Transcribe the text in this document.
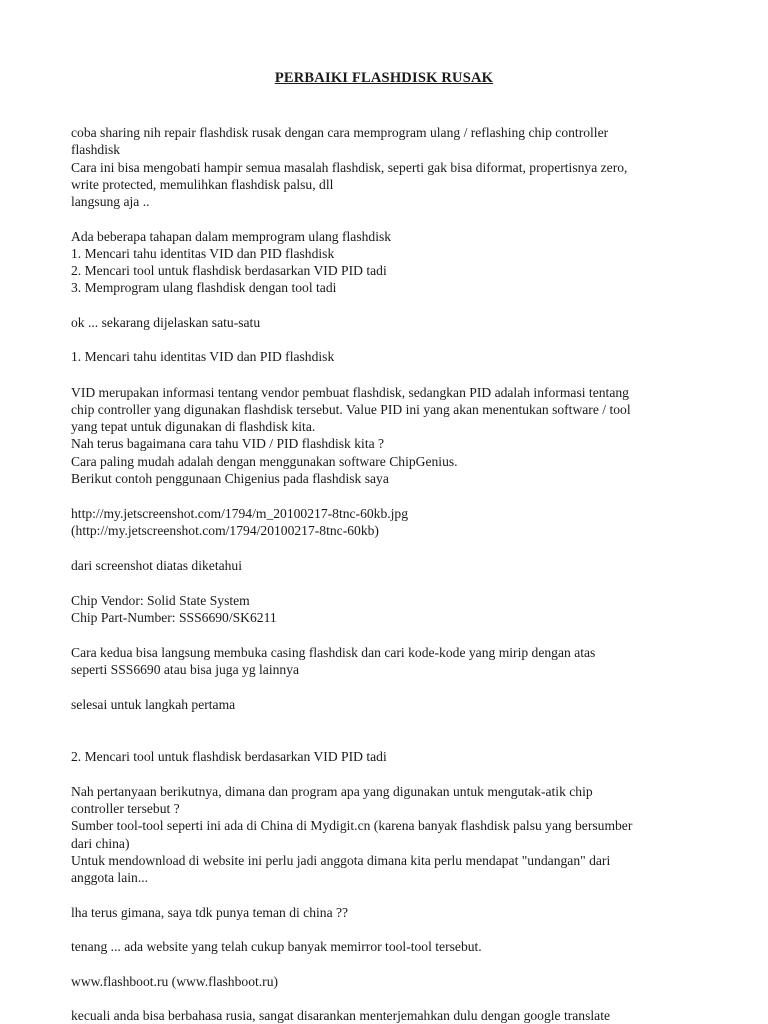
PERBAIKI FLASHDISK RUSAK
coba sharing nih repair flashdisk rusak dengan cara memprogram ulang / reflashing chip controller
flashdisk
Cara ini bisa mengobati hampir semua masalah flashdisk, seperti gak bisa diformat, propertisnya zero,
write protected, memulihkan flashdisk palsu, dll
langsung aja ..
Ada beberapa tahapan dalam memprogram ulang flashdisk
1. Mencari tahu identitas VID dan PID flashdisk
2. Mencari tool untuk flashdisk berdasarkan VID PID tadi
3. Memprogram ulang flashdisk dengan tool tadi
ok ... sekarang dijelaskan satu-satu
1. Mencari tahu identitas VID dan PID flashdisk
VID merupakan informasi tentang vendor pembuat flashdisk, sedangkan PID adalah informasi tentang
chip controller yang digunakan flashdisk tersebut. Value PID ini yang akan menentukan software / tool
yang tepat untuk digunakan di flashdisk kita.
Nah terus bagaimana cara tahu VID / PID flashdisk kita ?
Cara paling mudah adalah dengan menggunakan software ChipGenius.
Berikut contoh penggunaan Chigenius pada flashdisk saya
http://my.jetscreenshot.com/1794/m_20100217-8tnc-60kb.jpg
(http://my.jetscreenshot.com/1794/20100217-8tnc-60kb)
dari screenshot diatas diketahui
Chip Vendor: Solid State System
Chip Part-Number: SSS6690/SK6211
Cara kedua bisa langsung membuka casing flashdisk dan cari kode-kode yang mirip dengan atas
seperti SSS6690 atau bisa juga yg lainnya
selesai untuk langkah pertama
2. Mencari tool untuk flashdisk berdasarkan VID PID tadi
Nah pertanyaan berikutnya, dimana dan program apa yang digunakan untuk mengutak-atik chip
controller tersebut ?
Sumber tool-tool seperti ini ada di China di Mydigit.cn (karena banyak flashdisk palsu yang bersumber
dari china)
Untuk mendownload di website ini perlu jadi anggota dimana kita perlu mendapat "undangan" dari
anggota lain...
lha terus gimana, saya tdk punya teman di china ??
tenang ... ada website yang telah cukup banyak memirror tool-tool tersebut.
www.flashboot.ru (www.flashboot.ru)
kecuali anda bisa berbahasa rusia, sangat disarankan menterjemahkan dulu dengan google translate
